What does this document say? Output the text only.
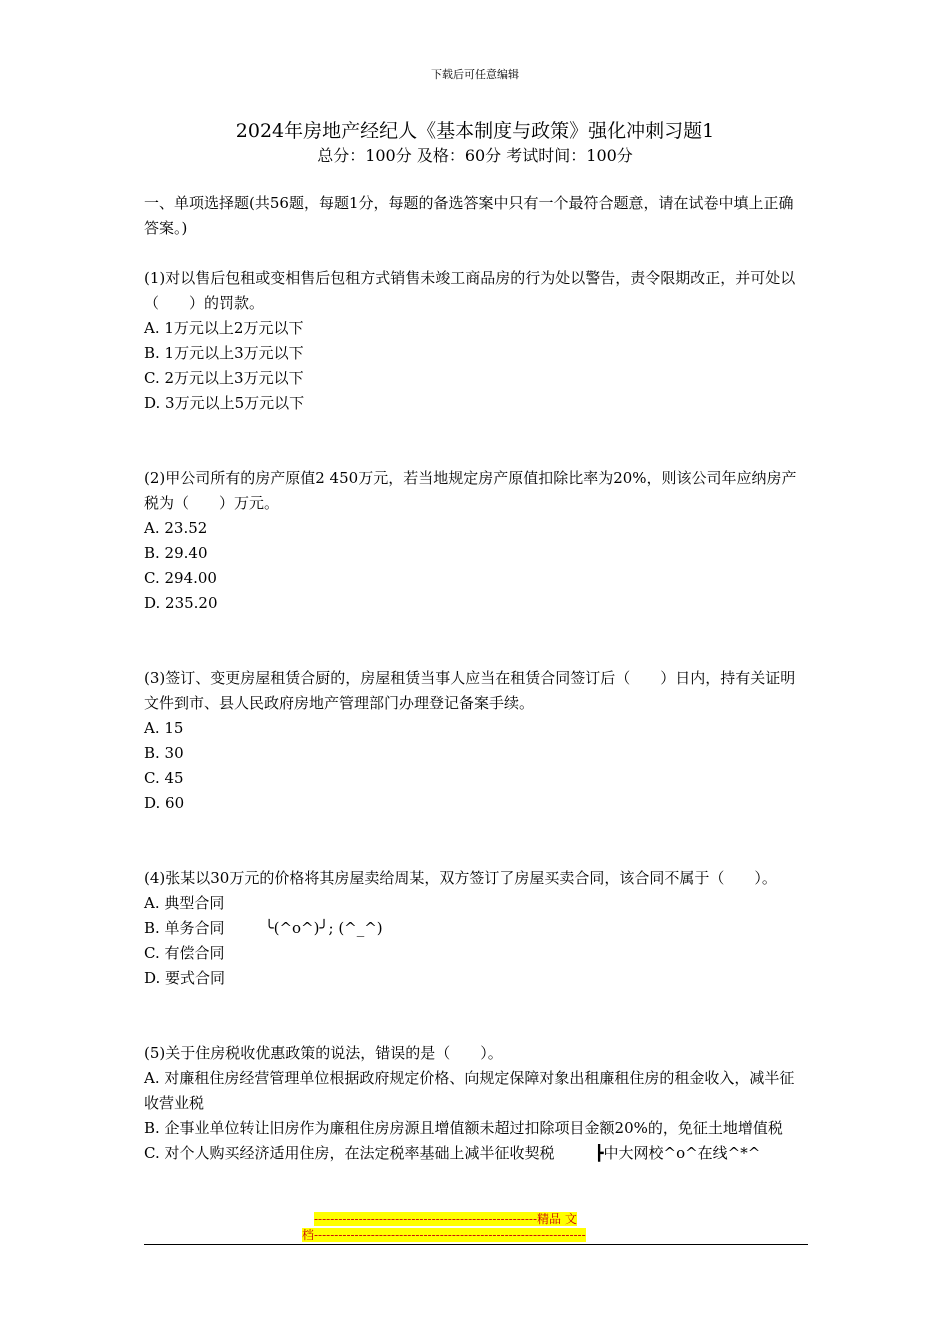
下载后可任意编辑
2024年房地产经纪人《基本制度与政策》强化冲刺习题1
总分：100分 及格：60分 考试时间：100分

一、单项选择题(共56题，每题1分，每题的备选答案中只有一个最符合题意，请在试卷中填上正确答案。)

(1)对以售后包租或变相售后包租方式销售未竣工商品房的行为处以警告，责令限期改正，并可处以（　　）的罚款。

A. 1万元以上2万元以下

B. 1万元以上3万元以下

C. 2万元以上3万元以下

D. 3万元以上5万元以下

(2)甲公司所有的房产原值2 450万元，若当地规定房产原值扣除比率为20%，则该公司年应纳房产税为（　　）万元。

A. 23.52

B. 29.40

C. 294.00

D. 235.20

(3)签订、变更房屋租赁合厨的，房屋租赁当事人应当在租赁合同签订后（　　）日内，持有关证明文件到市、县人民政府房地产管理部门办理登记备案手续。

A. 15

B. 30

C. 45

D. 60

(4)张某以30万元的价格将其房屋卖给周某，双方签订了房屋买卖合同，该合同不属于（　　）。

A. 典型合同

B. 单务合同	╰(^o^)╯; (^_^)

C. 有偿合同

D. 要式合同

(5)关于住房税收优惠政策的说法，错误的是（　　）。

A. 对廉租住房经营管理单位根据政府规定价格、向规定保障对象出租廉租住房的租金收入，减半征收营业税

B. 企事业单位转让旧房作为廉租住房房源且增值额未超过扣除项目金额20%的，免征土地增值税

C. 对个人购买经济适用住房，在法定税率基础上减半征收契税	┣中大网校^o^在线^*^

-------------------------------------------------------精品 文
档-------------------------------------------------------------------
